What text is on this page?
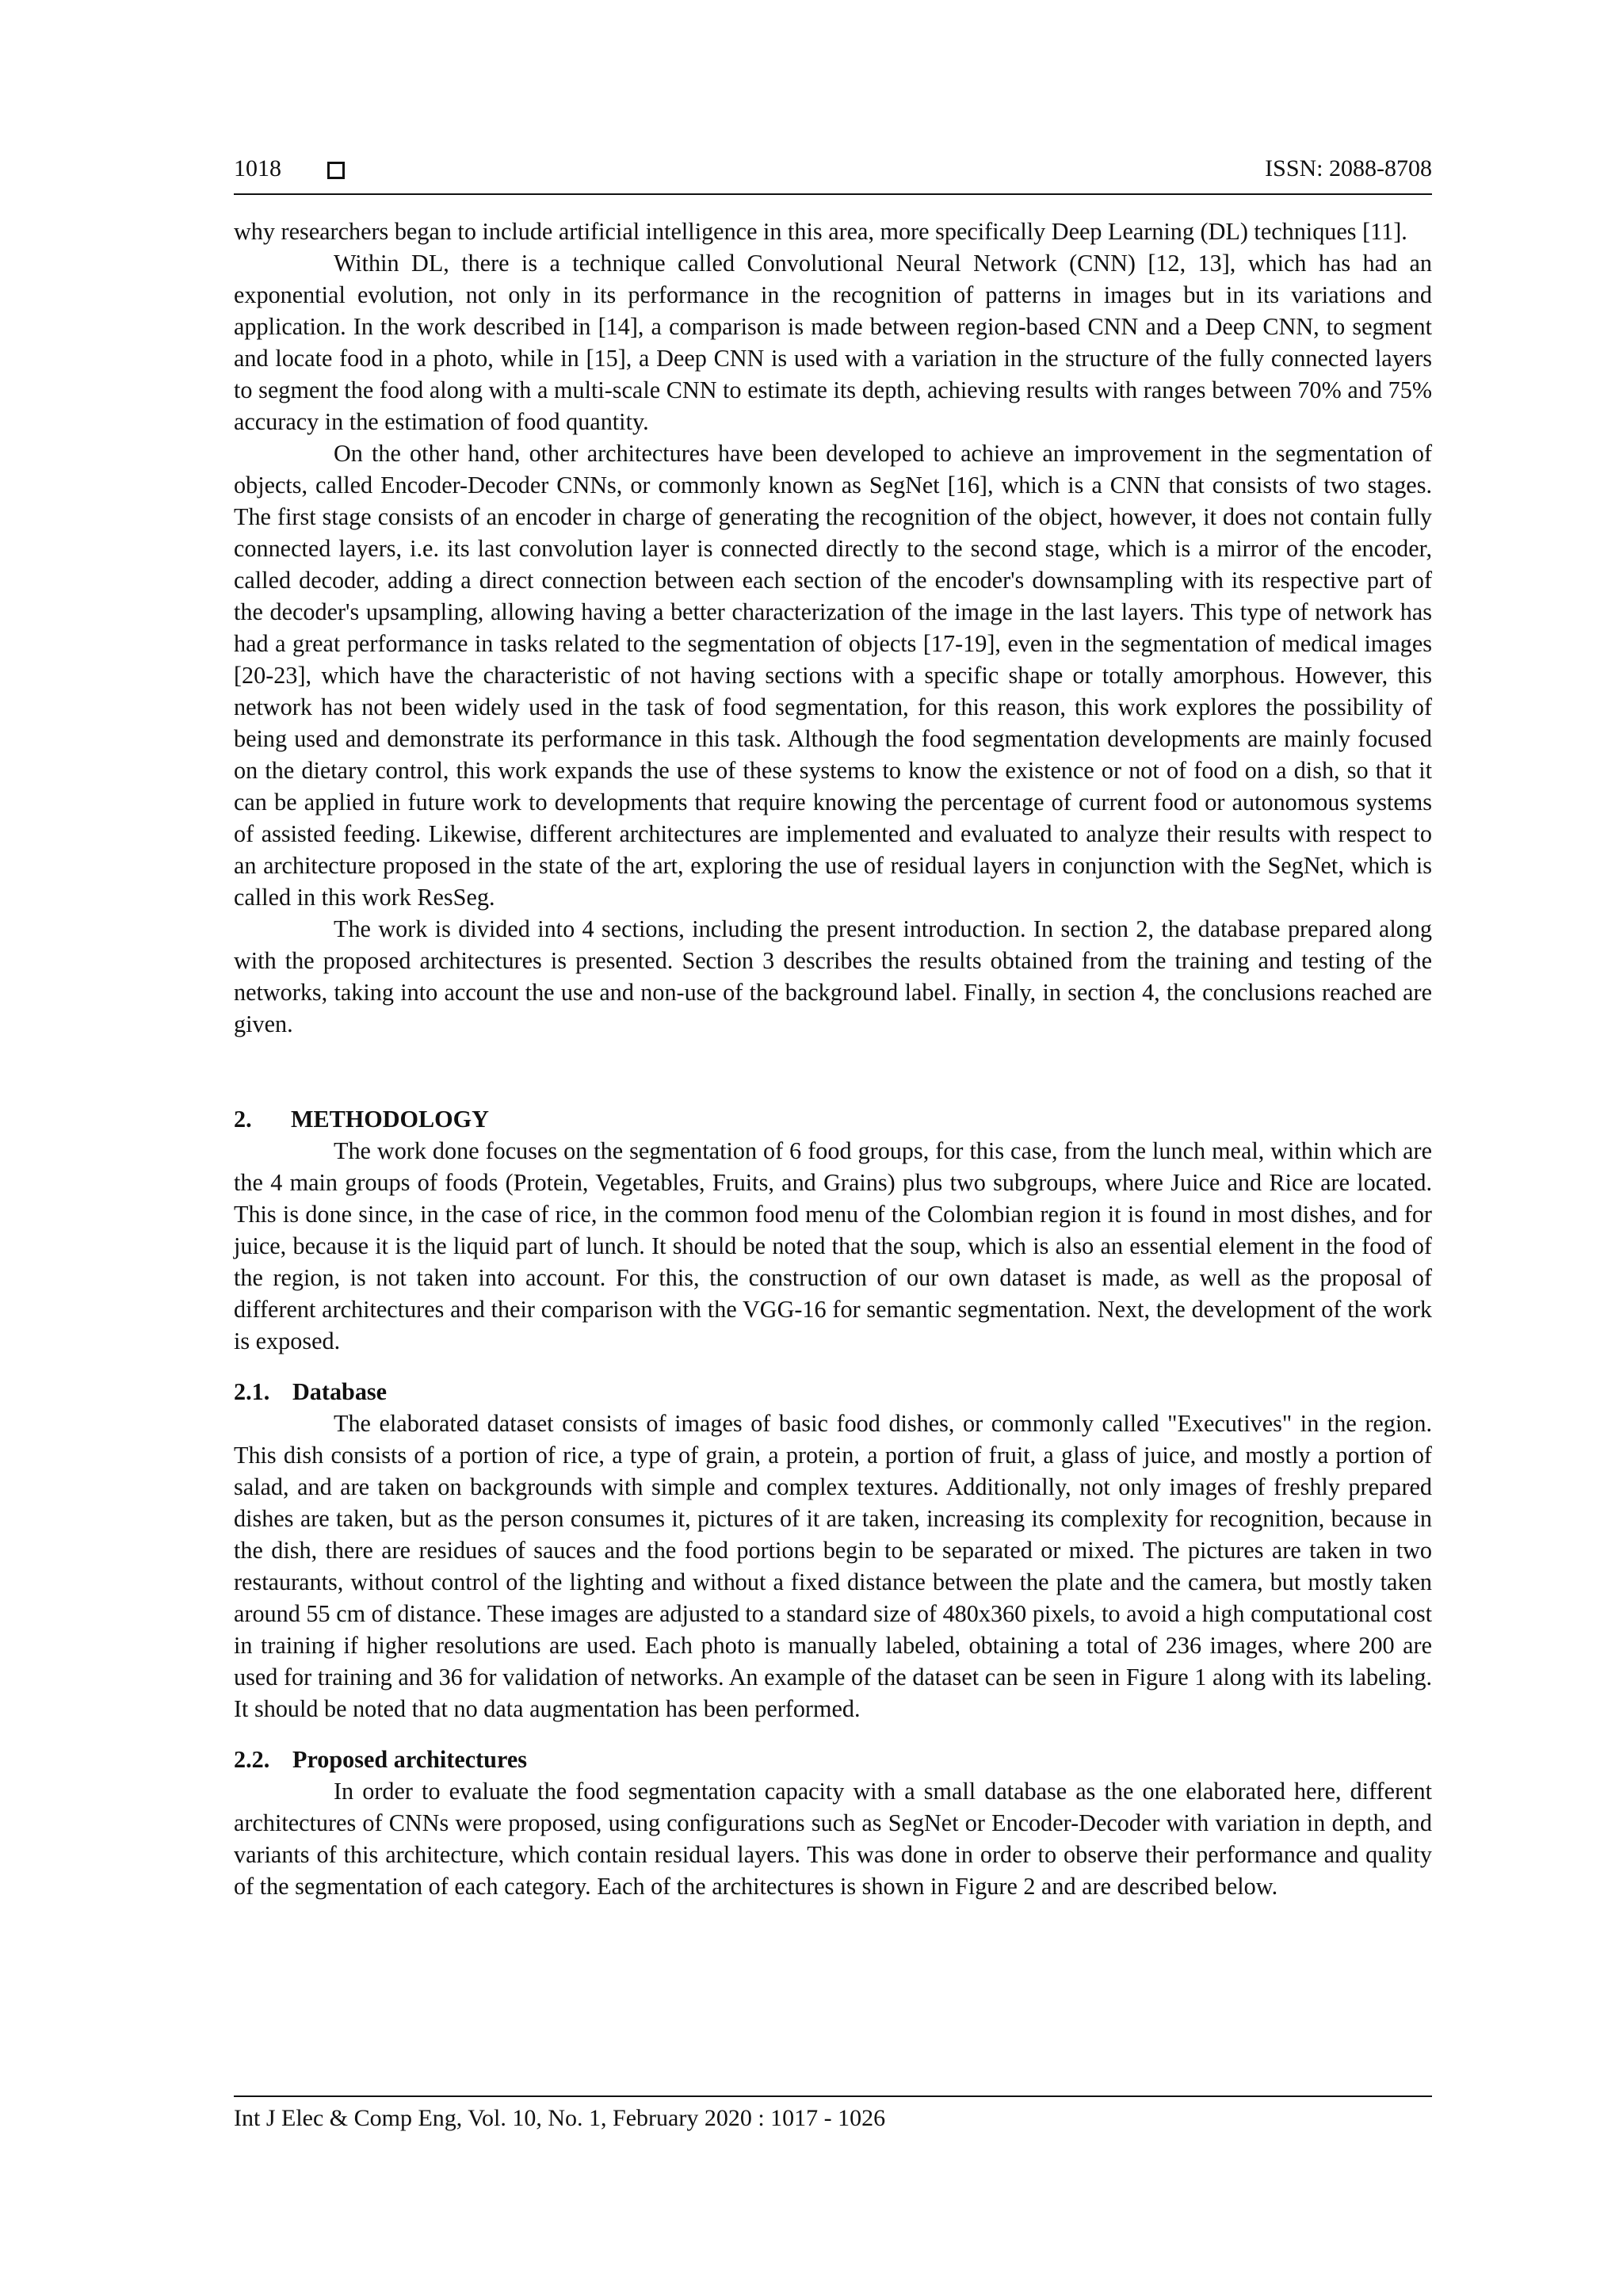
1018	ISSN: 2088-8708

why researchers began to include artificial intelligence in this area, more specifically Deep Learning (DL) techniques [11].

Within DL, there is a technique called Convolutional Neural Network (CNN) [12, 13], which has had an exponential evolution, not only in its performance in the recognition of patterns in images but in its variations and application. In the work described in [14], a comparison is made between region-based CNN and a Deep CNN, to segment and locate food in a photo, while in [15], a Deep CNN is used with a variation in the structure of the fully connected layers to segment the food along with a multi-scale CNN to estimate its depth, achieving results with ranges between 70% and 75% accuracy in the estimation of food quantity.

On the other hand, other architectures have been developed to achieve an improvement in the segmentation of objects, called Encoder-Decoder CNNs, or commonly known as SegNet [16], which is a CNN that consists of two stages. The first stage consists of an encoder in charge of generating the recognition of the object, however, it does not contain fully connected layers, i.e. its last convolution layer is connected directly to the second stage, which is a mirror of the encoder, called decoder, adding a direct connection between each section of the encoder's downsampling with its respective part of the decoder's upsampling, allowing having a better characterization of the image in the last layers. This type of network has had a great performance in tasks related to the segmentation of objects [17-19], even in the segmentation of medical images [20-23], which have the characteristic of not having sections with a specific shape or totally amorphous. However, this network has not been widely used in the task of food segmentation, for this reason, this work explores the possibility of being used and demonstrate its performance in this task. Although the food segmentation developments are mainly focused on the dietary control, this work expands the use of these systems to know the existence or not of food on a dish, so that it can be applied in future work to developments that require knowing the percentage of current food or autonomous systems of assisted feeding. Likewise, different architectures are implemented and evaluated to analyze their results with respect to an architecture proposed in the state of the art, exploring the use of residual layers in conjunction with the SegNet, which is called in this work ResSeg.

The work is divided into 4 sections, including the present introduction. In section 2, the database prepared along with the proposed architectures is presented. Section 3 describes the results obtained from the training and testing of the networks, taking into account the use and non-use of the background label. Finally, in section 4, the conclusions reached are given.

2. METHODOLOGY

The work done focuses on the segmentation of 6 food groups, for this case, from the lunch meal, within which are the 4 main groups of foods (Protein, Vegetables, Fruits, and Grains) plus two subgroups, where Juice and Rice are located. This is done since, in the case of rice, in the common food menu of the Colombian region it is found in most dishes, and for juice, because it is the liquid part of lunch. It should be noted that the soup, which is also an essential element in the food of the region, is not taken into account. For this, the construction of our own dataset is made, as well as the proposal of different architectures and their comparison with the VGG-16 for semantic segmentation. Next, the development of the work is exposed.

2.1. Database

The elaborated dataset consists of images of basic food dishes, or commonly called "Executives" in the region. This dish consists of a portion of rice, a type of grain, a protein, a portion of fruit, a glass of juice, and mostly a portion of salad, and are taken on backgrounds with simple and complex textures. Additionally, not only images of freshly prepared dishes are taken, but as the person consumes it, pictures of it are taken, increasing its complexity for recognition, because in the dish, there are residues of sauces and the food portions begin to be separated or mixed. The pictures are taken in two restaurants, without control of the lighting and without a fixed distance between the plate and the camera, but mostly taken around 55 cm of distance. These images are adjusted to a standard size of 480x360 pixels, to avoid a high computational cost in training if higher resolutions are used. Each photo is manually labeled, obtaining a total of 236 images, where 200 are used for training and 36 for validation of networks. An example of the dataset can be seen in Figure 1 along with its labeling. It should be noted that no data augmentation has been performed.

2.2. Proposed architectures

In order to evaluate the food segmentation capacity with a small database as the one elaborated here, different architectures of CNNs were proposed, using configurations such as SegNet or Encoder-Decoder with variation in depth, and variants of this architecture, which contain residual layers. This was done in order to observe their performance and quality of the segmentation of each category. Each of the architectures is shown in Figure 2 and are described below.

Int J Elec & Comp Eng, Vol. 10, No. 1, February 2020 : 1017 - 1026
